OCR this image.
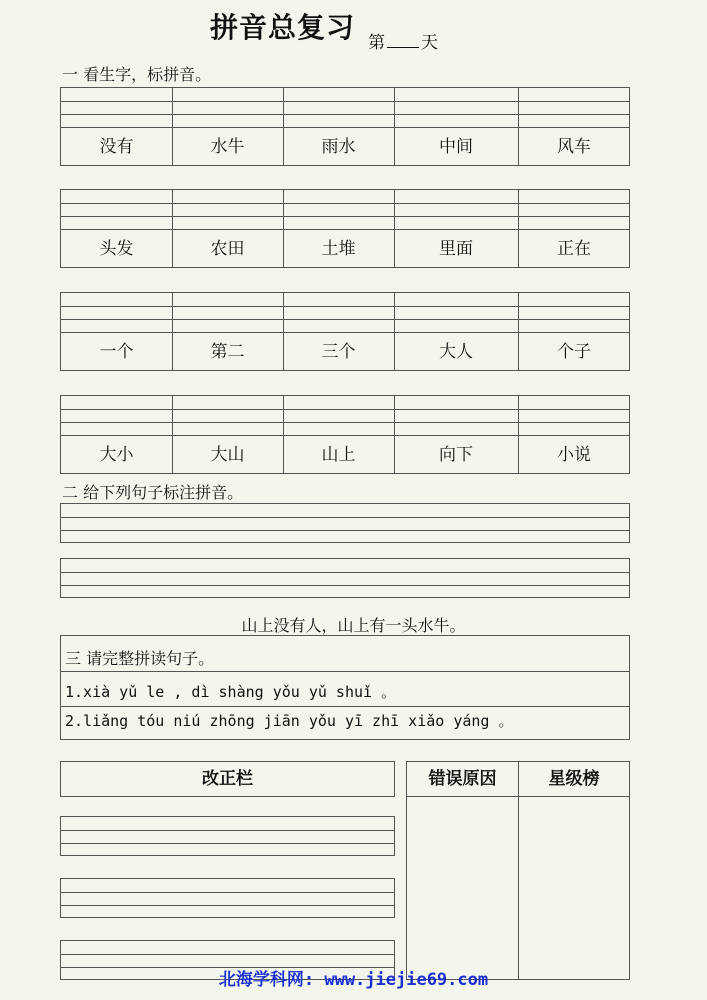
拼音总复习 第 天
一 看生字，标拼音。
没有	水牛	雨水	中间	风车
头发	农田	土堆	里面	正在
一个	第二	三个	大人	个子
大小	大山	山上	向下	小说
二 给下列句子标注拼音。
山上没有人，山上有一头水牛。
三 请完整拼读句子。
1.xià yǔ le , dì shàng yǒu yǔ shuǐ 。
2.liǎng tóu niú zhōng jiān yǒu yī zhī xiǎo yáng 。
改正栏	错误原因	星级榜
北海学科网: www.jiejie69.com
